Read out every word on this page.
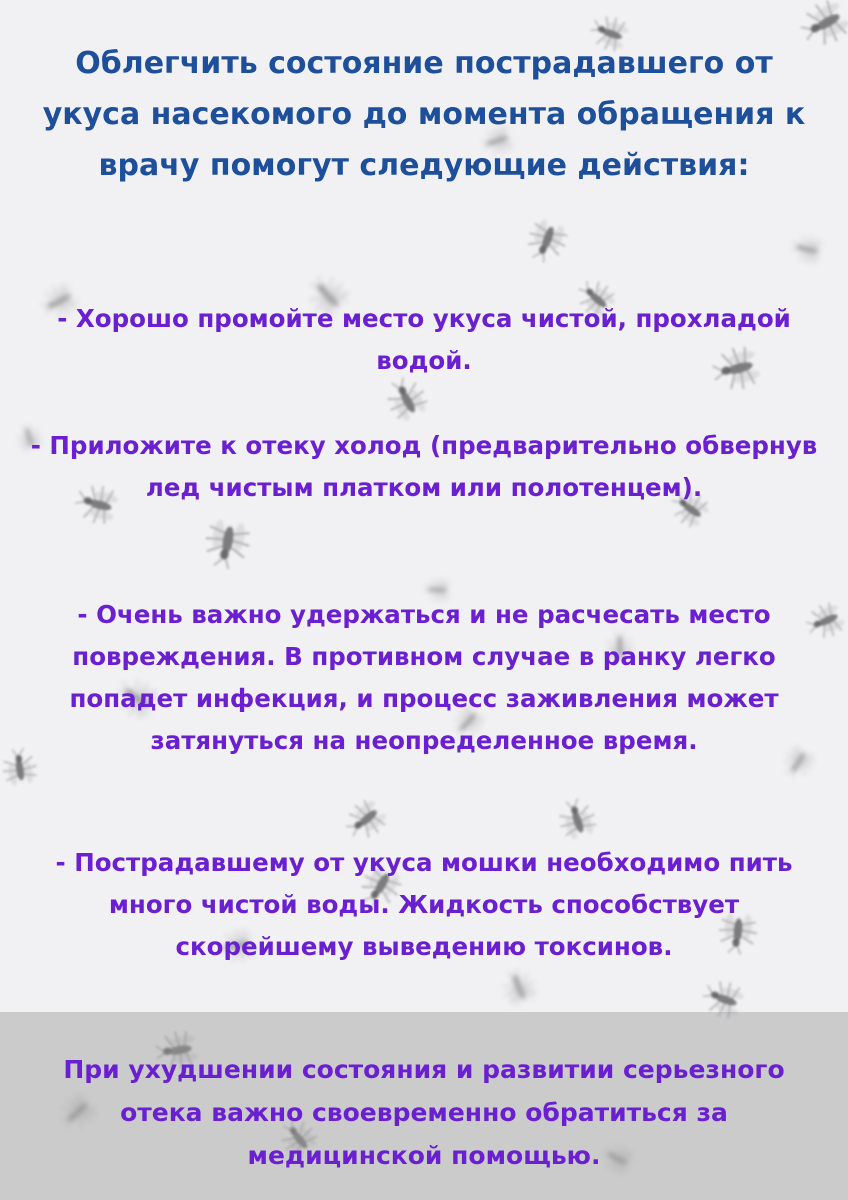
Облегчить состояние пострадавшего от укуса насекомого до момента обращения к врачу помогут следующие действия:

- Хорошо промойте место укуса чистой, прохладой водой.

- Приложите к отеку холод (предварительно обвернув лед чистым платком или полотенцем).

- Очень важно удержаться и не расчесать место повреждения. В противном случае в ранку легко попадет инфекция, и процесс заживления может затянуться на неопределенное время.

- Пострадавшему от укуса мошки необходимо пить много чистой воды. Жидкость способствует скорейшему выведению токсинов.

При ухудшении состояния и развитии серьезного отека важно своевременно обратиться за медицинской помощью.
